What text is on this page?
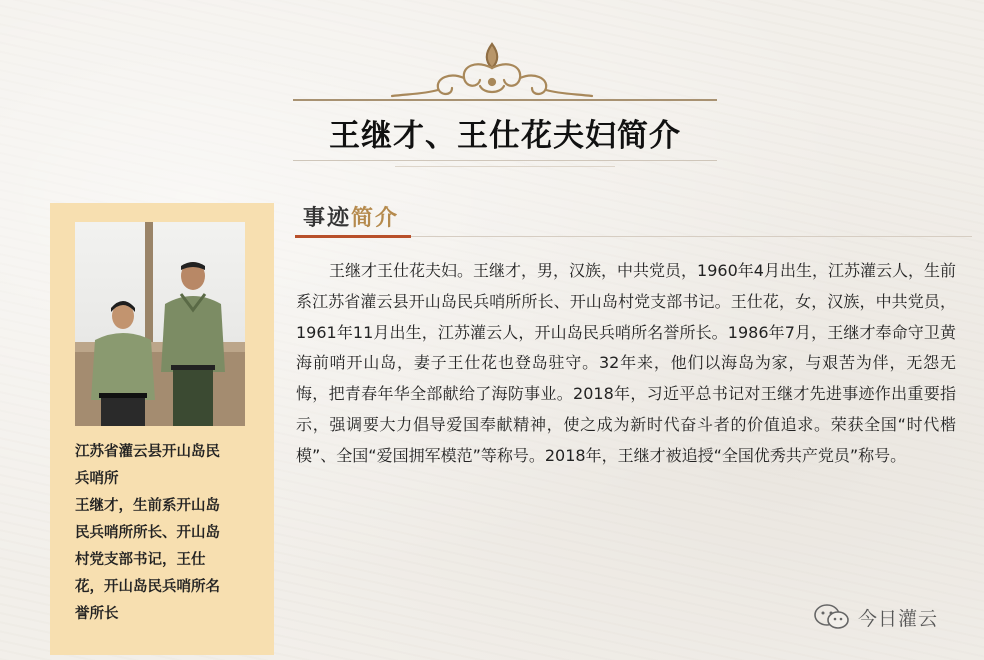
王继才、王仕花夫妇简介
江苏省灌云县开山岛民
兵哨所
王继才，生前系开山岛
民兵哨所所长、开山岛
村党支部书记，王仕
花，开山岛民兵哨所名
誉所长
事迹简介

王继才王仕花夫妇。王继才，男，汉族，中共党员，1960年4月出生，江苏灌云人，生前系江苏省灌云县开山岛民兵哨所所长、开山岛村党支部书记。王仕花，女，汉族，中共党员，1961年11月出生，江苏灌云人，开山岛民兵哨所名誉所长。1986年7月，王继才奉命守卫黄海前哨开山岛，妻子王仕花也登岛驻守。32年来，他们以海岛为家，与艰苦为伴，无怨无悔，把青春年华全部献给了海防事业。2018年，习近平总书记对王继才先进事迹作出重要指示，强调要大力倡导爱国奉献精神，使之成为新时代奋斗者的价值追求。荣获全国“时代楷模”、全国“爱国拥军模范”等称号。2018年，王继才被追授“全国优秀共产党员”称号。

今日灌云
